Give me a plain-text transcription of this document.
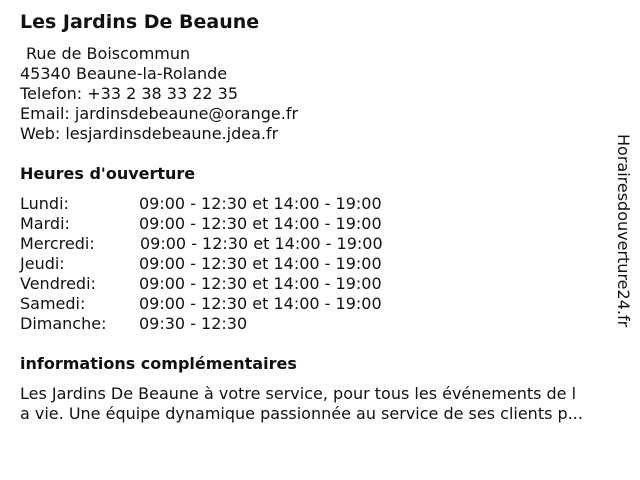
Les Jardins De Beaune
Rue de Boiscommun
45340 Beaune-la-Rolande
Telefon: +33 2 38 33 22 35
Email: jardinsdebeaune@orange.fr
Web: lesjardinsdebeaune.jdea.fr
Heures d'ouverture
Lundi:	09:00 - 12:30 et 14:00 - 19:00
Mardi:	09:00 - 12:30 et 14:00 - 19:00
Mercredi:	09:00 - 12:30 et 14:00 - 19:00
Jeudi:	09:00 - 12:30 et 14:00 - 19:00
Vendredi:	09:00 - 12:30 et 14:00 - 19:00
Samedi:	09:00 - 12:30 et 14:00 - 19:00
Dimanche: 09:30 - 12:30
informations complémentaires
Les Jardins De Beaune à votre service, pour tous les événements de l
a vie. Une équipe dynamique passionnée au service de ses clients p...
Horairesdouverture24.fr
